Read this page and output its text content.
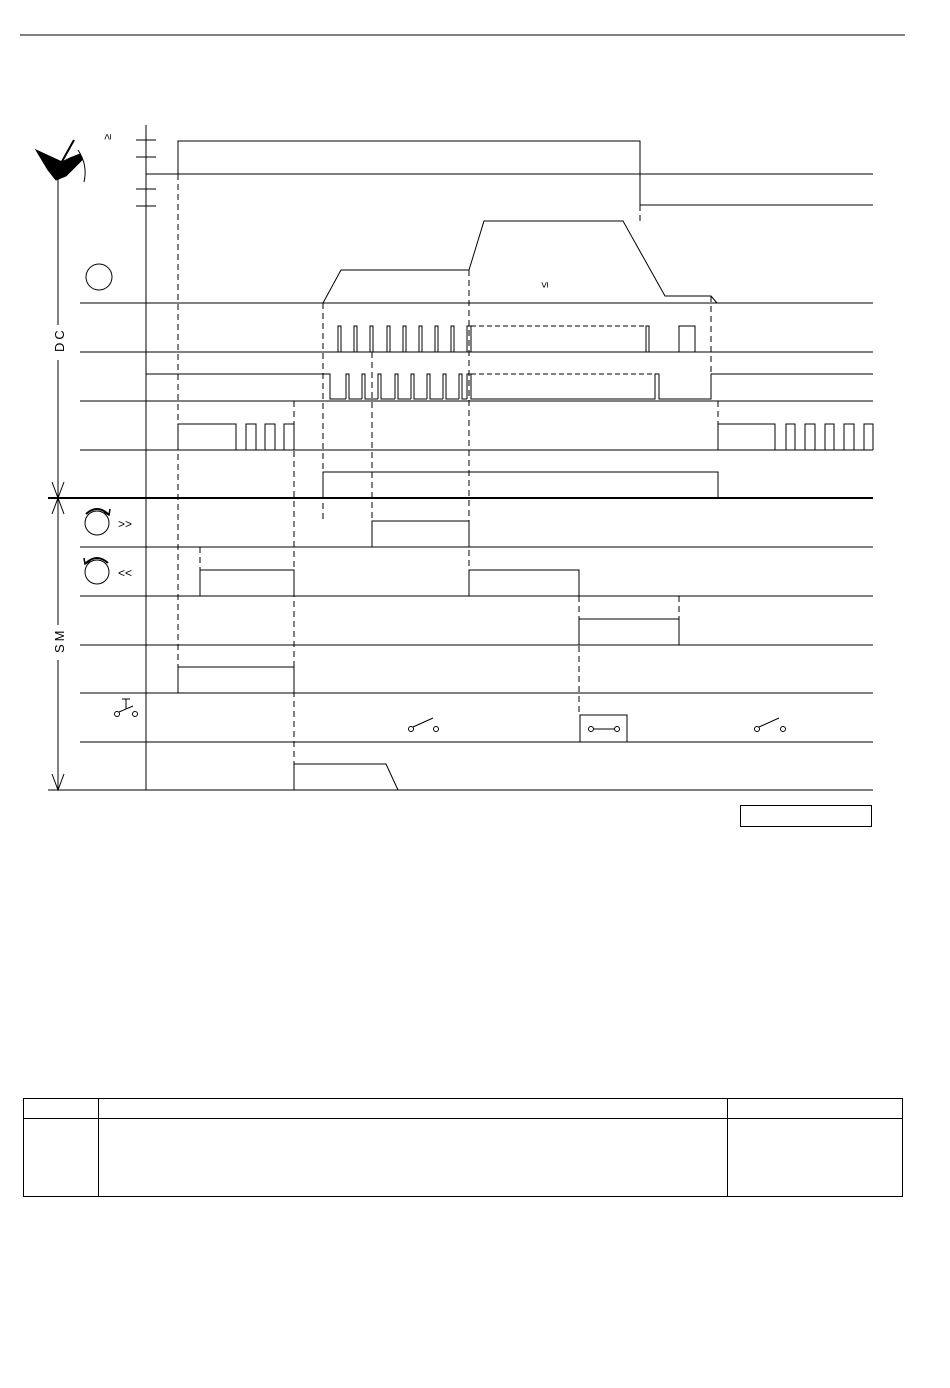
DC
SM
≥
≤
>>
<<
